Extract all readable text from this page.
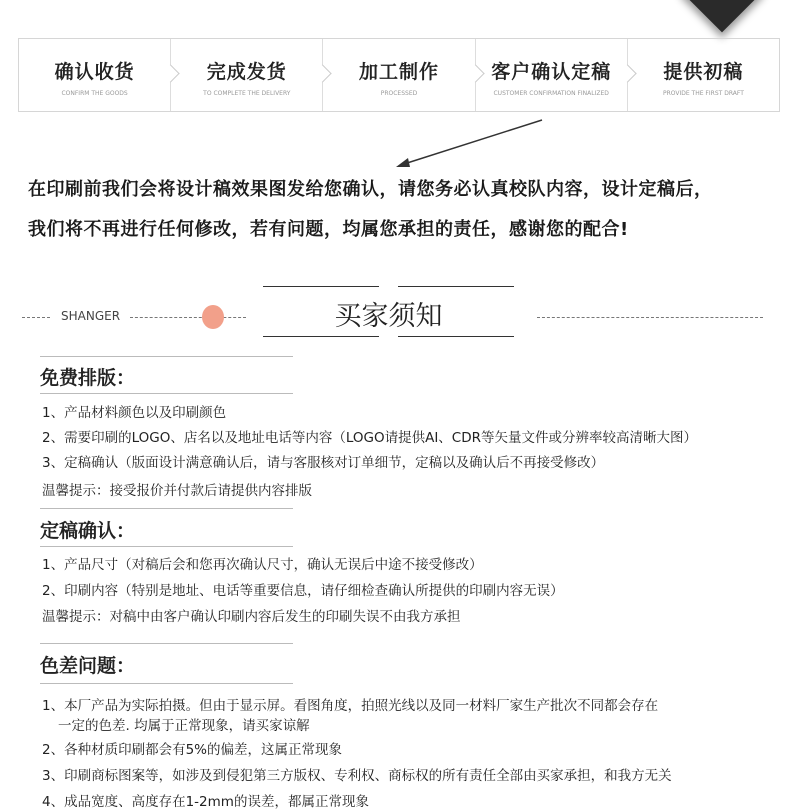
确认收货
CONFIRM THE GOODS
完成发货
TO COMPLETE THE DELIVERY
加工制作
PROCESSED
客户确认定稿
CUSTOMER CONFIRMATION FINALIZED
提供初稿
PROVIDE THE FIRST DRAFT
在印刷前我们会将设计稿效果图发给您确认，请您务必认真校队内容，设计定稿后，
我们将不再进行任何修改，若有问题，均属您承担的责任，感谢您的配合!
SHANGER	买家须知
免费排版：
1、产品材料颜色以及印刷颜色
2、需要印刷的LOGO、店名以及地址电话等内容（LOGO请提供AI、CDR等矢量文件或分辨率较高清晰大图）
3、定稿确认（版面设计满意确认后，请与客服核对订单细节，定稿以及确认后不再接受修改）
温馨提示：接受报价并付款后请提供内容排版
定稿确认：
1、产品尺寸（对稿后会和您再次确认尺寸，确认无误后中途不接受修改）
2、印刷内容（特别是地址、电话等重要信息，请仔细检查确认所提供的印刷内容无误）
温馨提示：对稿中由客户确认印刷内容后发生的印刷失误不由我方承担
色差问题：
1、本厂产品为实际拍摄。但由于显示屏。看图角度，拍照光线以及同一材料厂家生产批次不同都会存在
一定的色差. 均属于正常现象，请买家谅解
2、各种材质印刷都会有5%的偏差，这属正常现象
3、印刷商标图案等，如涉及到侵犯第三方版权、专利权、商标权的所有责任全部由买家承担，和我方无关
4、成品宽度、高度存在1-2mm的误差，都属正常现象
